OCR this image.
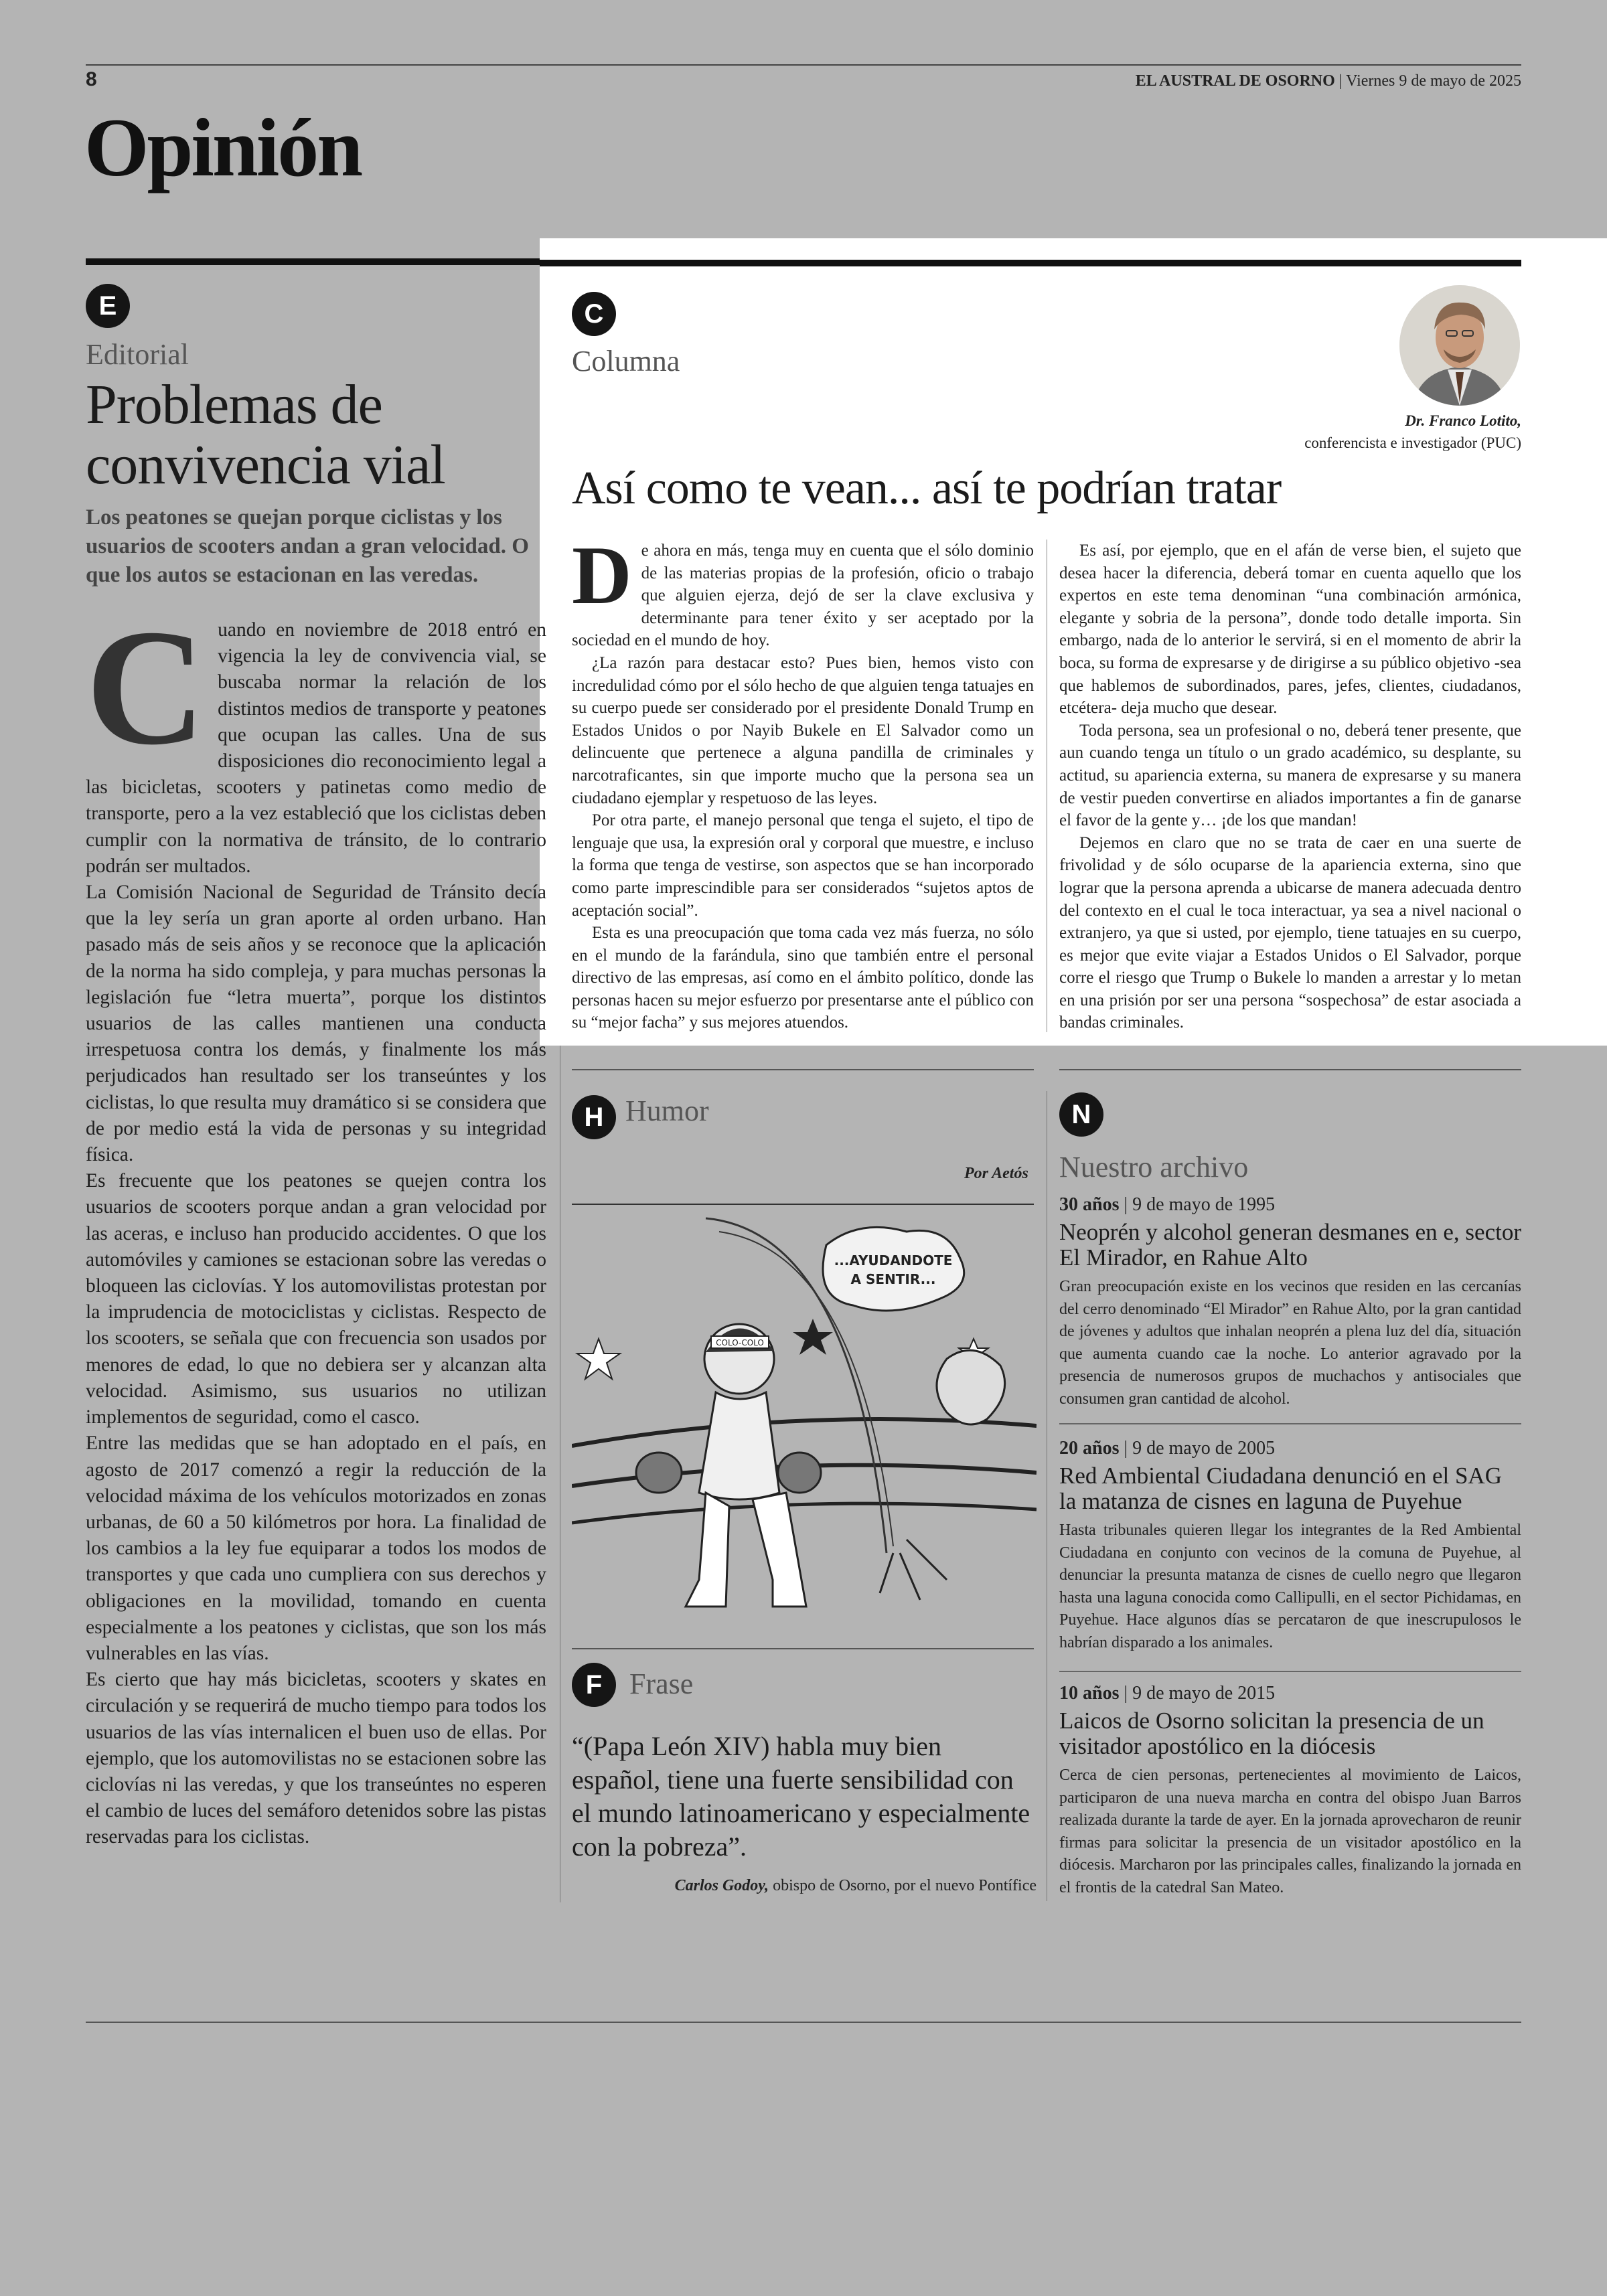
8	EL AUSTRAL DE OSORNO | Viernes 9 de mayo de 2025
Opinión
E
Editorial
Problemas de convivencia vial
Los peatones se quejan porque ciclistas y los usuarios de scooters andan a gran velocidad. O que los autos se estacionan en las veredas.

Cuando en noviembre de 2018 entró en vigencia la ley de convivencia vial, se buscaba normar la relación de los distintos medios de transporte y peatones que ocupan las calles. Una de sus disposiciones dio reconocimiento legal a las bicicletas, scooters y patinetas como medio de transporte, pero a la vez estableció que los ciclistas deben cumplir con la normativa de tránsito, de lo contrario podrán ser multados.

La Comisión Nacional de Seguridad de Tránsito decía que la ley sería un gran aporte al orden urbano. Han pasado más de seis años y se reconoce que la aplicación de la norma ha sido compleja, y para muchas personas la legislación fue “letra muerta”, porque los distintos usuarios de las calles mantienen una conducta irrespetuosa contra los demás, y finalmente los más perjudicados han resultado ser los transeúntes y los ciclistas, lo que resulta muy dramático si se considera que de por medio está la vida de personas y su integridad física.

Es frecuente que los peatones se quejen contra los usuarios de scooters porque andan a gran velocidad por las aceras, e incluso han producido accidentes. O que los automóviles y camiones se estacionan sobre las veredas o bloqueen las ciclovías. Y los automovilistas protestan por la imprudencia de motociclistas y ciclistas. Respecto de los scooters, se señala que con frecuencia son usados por menores de edad, lo que no debiera ser y alcanzan alta velocidad. Asimismo, sus usuarios no utilizan implementos de seguridad, como el casco.

Entre las medidas que se han adoptado en el país, en agosto de 2017 comenzó a regir la reducción de la velocidad máxima de los vehículos motorizados en zonas urbanas, de 60 a 50 kilómetros por hora. La finalidad de los cambios a la ley fue equiparar a todos los modos de transportes y que cada uno cumpliera con sus derechos y obligaciones en la movilidad, tomando en cuenta especialmente a los peatones y ciclistas, que son los más vulnerables en las vías.

Es cierto que hay más bicicletas, scooters y skates en circulación y se requerirá de mucho tiempo para todos los usuarios de las vías internalicen el buen uso de ellas. Por ejemplo, que los automovilistas no se estacionen sobre las ciclovías ni las veredas, y que los transeúntes no esperen el cambio de luces del semáforo detenidos sobre las pistas reservadas para los ciclistas.

C
Columna
Dr. Franco Lotito,
conferencista e investigador (PUC)
Así como te vean... así te podrían tratar

De ahora en más, tenga muy en cuenta que el sólo dominio de las materias propias de la profesión, oficio o trabajo que alguien ejerza, dejó de ser la clave exclusiva y determinante para tener éxito y ser aceptado por la sociedad en el mundo de hoy.

¿La razón para destacar esto? Pues bien, hemos visto con incredulidad cómo por el sólo hecho de que alguien tenga tatuajes en su cuerpo puede ser considerado por el presidente Donald Trump en Estados Unidos o por Nayib Bukele en El Salvador como un delincuente que pertenece a alguna pandilla de criminales y narcotraficantes, sin que importe mucho que la persona sea un ciudadano ejemplar y respetuoso de las leyes.

Por otra parte, el manejo personal que tenga el sujeto, el tipo de lenguaje que usa, la expresión oral y corporal que muestre, e incluso la forma que tenga de vestirse, son aspectos que se han incorporado como parte imprescindible para ser considerados “sujetos aptos de aceptación social”.

Esta es una preocupación que toma cada vez más fuerza, no sólo en el mundo de la farándula, sino que también entre el personal directivo de las empresas, así como en el ámbito político, donde las personas hacen su mejor esfuerzo por presentarse ante el público con su “mejor facha” y sus mejores atuendos.

Es así, por ejemplo, que en el afán de verse bien, el sujeto que desea hacer la diferencia, deberá tomar en cuenta aquello que los expertos en este tema denominan “una combinación armónica, elegante y sobria de la persona”, donde todo detalle importa. Sin embargo, nada de lo anterior le servirá, si en el momento de abrir la boca, su forma de expresarse y de dirigirse a su público objetivo -sea que hablemos de subordinados, pares, jefes, clientes, ciudadanos, etcétera- deja mucho que desear.

Toda persona, sea un profesional o no, deberá tener presente, que aun cuando tenga un título o un grado académico, su desplante, su actitud, su apariencia externa, su manera de expresarse y su manera de vestir pueden convertirse en aliados importantes a fin de ganarse el favor de la gente y… ¡de los que mandan!

Dejemos en claro que no se trata de caer en una suerte de frivolidad y de sólo ocuparse de la apariencia externa, sino que lograr que la persona aprenda a ubicarse de manera adecuada dentro del contexto en el cual le toca interactuar, ya sea a nivel nacional o extranjero, ya que si usted, por ejemplo, tiene tatuajes en su cuerpo, es mejor que evite viajar a Estados Unidos o El Salvador, porque corre el riesgo que Trump o Bukele lo manden a arrestar y lo metan en una prisión por ser una persona “sospechosa” de estar asociada a bandas criminales.

H Humor
Por Aetós
...AYUDANDOTE
A SENTIR...
COLO-COLO
F Frase
“(Papa León XIV) habla muy bien español, tiene una fuerte sensibilidad con el mundo latinoamericano y especialmente con la pobreza”.
Carlos Godoy, obispo de Osorno, por el nuevo Pontífice
N
Nuestro archivo
30 años | 9 de mayo de 1995
Neoprén y alcohol generan desmanes en e, sector El Mirador, en Rahue Alto
Gran preocupación existe en los vecinos que residen en las cercanías del cerro denominado “El Mirador” en Rahue Alto, por la gran cantidad de jóvenes y adultos que inhalan neoprén a plena luz del día, situación que aumenta cuando cae la noche. Lo anterior agravado por la presencia de numerosos grupos de muchachos y antisociales que consumen gran cantidad de alcohol.
20 años | 9 de mayo de 2005
Red Ambiental Ciudadana denunció en el SAG la matanza de cisnes en laguna de Puyehue
Hasta tribunales quieren llegar los integrantes de la Red Ambiental Ciudadana en conjunto con vecinos de la comuna de Puyehue, al denunciar la presunta matanza de cisnes de cuello negro que llegaron hasta una laguna conocida como Callipulli, en el sector Pichidamas, en Puyehue. Hace algunos días se percataron de que inescrupulosos le habrían disparado a los animales.
10 años | 9 de mayo de 2015
Laicos de Osorno solicitan la presencia de un visitador apostólico en la diócesis
Cerca de cien personas, pertenecientes al movimiento de Laicos, participaron de una nueva marcha en contra del obispo Juan Barros realizada durante la tarde de ayer. En la jornada aprovecharon de reunir firmas para solicitar la presencia de un visitador apostólico en la diócesis. Marcharon por las principales calles, finalizando la jornada en el frontis de la catedral San Mateo.
